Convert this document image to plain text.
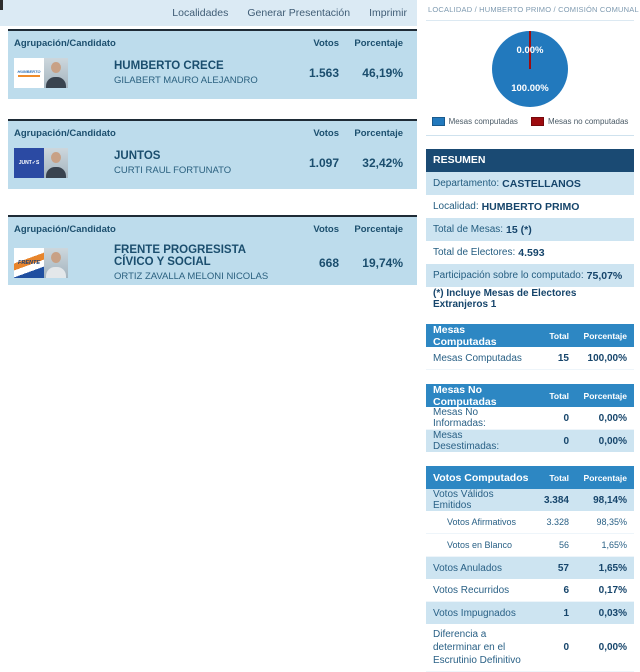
Localidades Generar Presentación Imprimir
Agrupación/Candidato	Votos	Porcentaje
HUMBERTO	HUMBERTO CRECE
GILABERT MAURO ALEJANDRO
1.563	46,19%
Agrupación/Candidato	Votos	Porcentaje
JUNT✓S
JUNTOS
CURTI RAUL FORTUNATO
1.097	32,42%
Agrupación/Candidato	Votos	Porcentaje
FRENTE
FRENTE PROGRESISTA CÍVICO Y SOCIAL
ORTIZ ZAVALLA MELONI NICOLAS
668	19,74%
LOCALIDAD / HUMBERTO PRIMO / COMISIÓN COMUNAL
0.00%
100.00%
Mesas computadas	Mesas no computadas
RESUMEN
Departamento: CASTELLANOS
Localidad: HUMBERTO PRIMO
Total de Mesas: 15 (*)
Total de Electores: 4.593
Participación sobre lo computado: 75,07%
(*) Incluye Mesas de Electores Extranjeros 1
Mesas Computadas	Total	Porcentaje
Mesas Computadas	15	100,00%
Mesas No Computadas	Total	Porcentaje
Mesas No Informadas:	0	0,00%
Mesas Desestimadas:	0	0,00%
Votos Computados	Total	Porcentaje
Votos Válidos Emitidos	3.384	98,14%
Votos Afirmativos	3.328	98,35%
Votos en Blanco	56	1,65%
Votos Anulados	57	1,65%
Votos Recurridos	6	0,17%
Votos Impugnados	1	0,03%
Diferencia a determinar en el Escrutinio Definitivo
0	0,00%
